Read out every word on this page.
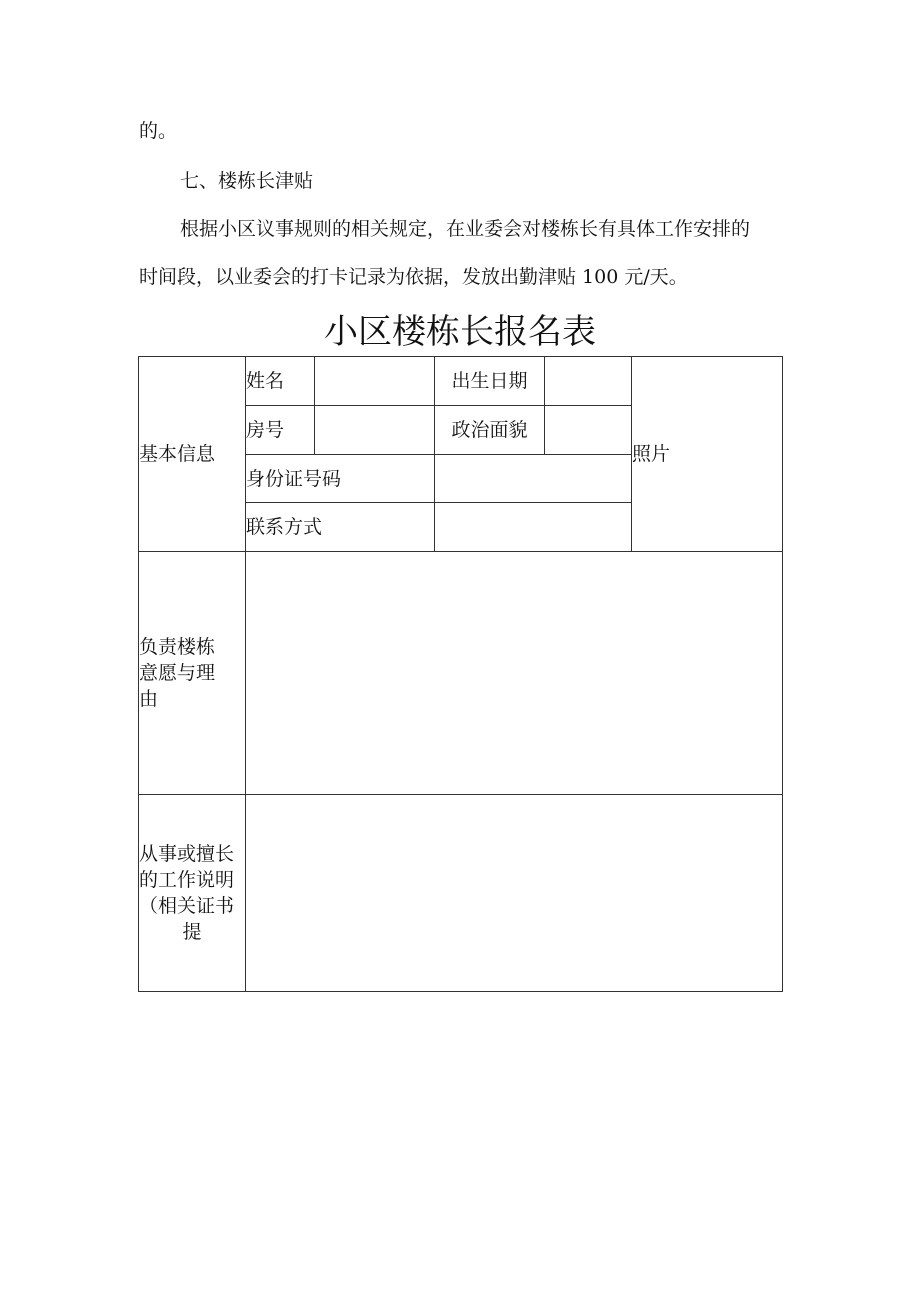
的。

七、楼栋长津贴

根据小区议事规则的相关规定，在业委会对楼栋长有具体工作安排的

时间段，以业委会的打卡记录为依据，发放出勤津贴 100 元/天。

小区楼栋长报名表
基本信息	姓名		出生日期		照片
	房号		政治面貌		
	身份证号码				
	联系方式				

负责楼栋
意愿与理
由					

从事或擅长
的工作说明
（相关证书
提					
